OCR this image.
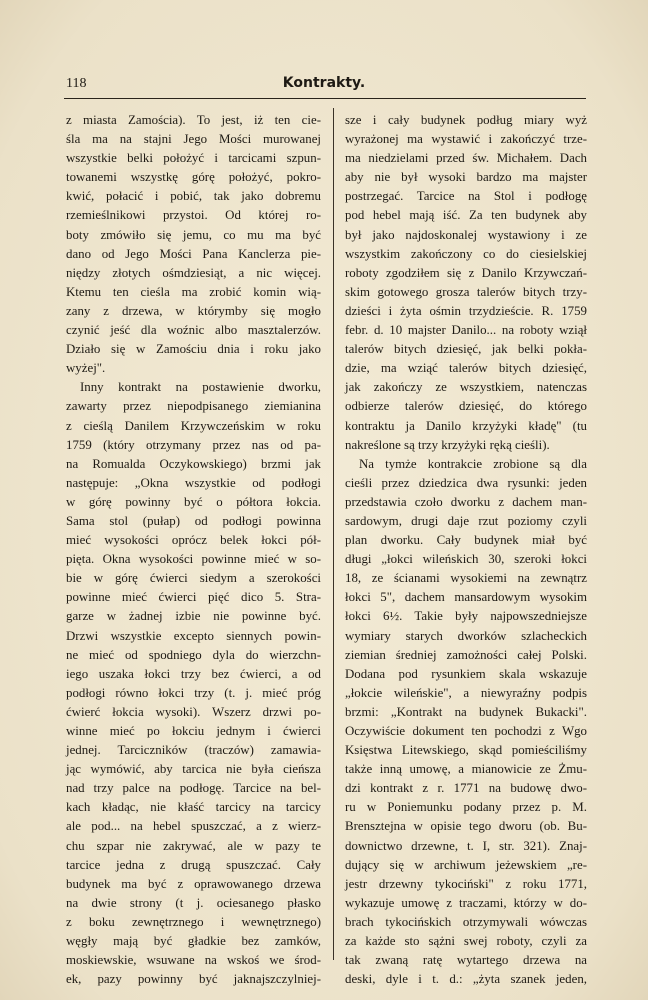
118	Kontrakty.

z miasta Zamościa). To jest, iż ten cie-

śla ma na stajni Jego Mości murowanej

wszystkie belki położyć i tarcicami szpun-

towanemi wszystkę górę położyć, pokro-

kwić, połacić i pobić, tak jako dobremu

rzemieślnikowi przystoi. Od której ro-

boty zmówiło się jemu, co mu ma być

dano od Jego Mości Pana Kanclerza pie-

niędzy złotych ośmdziesiąt, a nic więcej.

Ktemu ten cieśla ma zrobić komin wią-

zany z drzewa, w którymby się mogło

czynić jeść dla woźnic albo masztalerzów.

Działo się w Zamościu dnia i roku jako

wyżej".

Inny kontrakt na postawienie dworku,

zawarty przez niepodpisanego ziemianina

z cieślą Danilem Krzywczeńskim w roku

1759 (który otrzymany przez nas od pa-

na Romualda Oczykowskiego) brzmi jak

następuje: „Okna wszystkie od podłogi

w górę powinny być o półtora łokcia.

Sama stol (pułap) od podłogi powinna

mieć wysokości oprócz belek łokci pół-

pięta. Okna wysokości powinne mieć w so-

bie w górę ćwierci siedym a szerokości

powinne mieć ćwierci pięć dico 5. Stra-

garze w żadnej izbie nie powinne być.

Drzwi wszystkie excepto siennych powin-

ne mieć od spodniego dyla do wierzchn-

iego uszaka łokci trzy bez ćwierci, a od

podłogi równo łokci trzy (t. j. mieć próg

ćwierć łokcia wysoki). Wszerz drzwi po-

winne mieć po łokciu jednym i ćwierci

jednej. Tarciczników (traczów) zamawia-

jąc wymówić, aby tarcica nie była cieńsza

nad trzy palce na podłogę. Tarcice na bel-

kach kładąc, nie kłaść tarcicy na tarcicy

ale pod... na hebel spuszczać, a z wierz-

chu szpar nie zakrywać, ale w pazy te

tarcice jedna z drugą spuszczać. Cały

budynek ma być z oprawowanego drzewa

na dwie strony (t j. ociesanego płasko

z boku zewnętrznego i wewnętrznego)

węgły mają być gładkie bez zamków,

moskiewskie, wsuwane na wskoś we środ-

ek, pazy powinny być jaknajszczylniej-

sze i cały budynek podług miary wyż

wyrażonej ma wystawić i zakończyć trze-

ma niedzielami przed św. Michałem. Dach

aby nie był wysoki bardzo ma majster

postrzegać. Tarcice na Stol i podłogę

pod hebel mają iść. Za ten budynek aby

był jako najdoskonalej wystawiony i ze

wszystkim zakończony co do ciesielskiej

roboty zgodziłem się z Danilo Krzywczań-

skim gotowego grosza talerów bitych trzy-

dzieści i żyta ośmin trzydzieście. R. 1759

febr. d. 10 majster Danilo... na roboty wziął

talerów bitych dziesięć, jak belki pokła-

dzie, ma wziąć talerów bitych dziesięć,

jak zakończy ze wszystkiem, natenczas

odbierze talerów dziesięć, do którego

kontraktu ja Danilo krzyżyki kładę" (tu

nakreślone są trzy krzyżyki ręką cieśli).

Na tymże kontrakcie zrobione są dla

cieśli przez dziedzica dwa rysunki: jeden

przedstawia czoło dworku z dachem man-

sardowym, drugi daje rzut poziomy czyli

plan dworku. Cały budynek miał być

długi „łokci wileńskich 30, szeroki łokci

18, ze ścianami wysokiemi na zewnątrz

łokci 5", dachem mansardowym wysokim

łokci 6½. Takie były najpowszedniejsze

wymiary starych dworków szlacheckich

ziemian średniej zamożności całej Polski.

Dodana pod rysunkiem skala wskazuje

„łokcie wileńskie", a niewyraźny podpis

brzmi: „Kontrakt na budynek Bukacki".

Oczywiście dokument ten pochodzi z Wgo

Księstwa Litewskiego, skąd pomieściliśmy

także inną umowę, a mianowicie ze Żmu-

dzi kontrakt z r. 1771 na budowę dwo-

ru w Poniemunku podany przez p. M.

Brensztejna w opisie tego dworu (ob. Bu-

downictwo drzewne, t. I, str. 321). Znaj-

dujący się w archiwum jeżewskiem „re-

jestr drzewny tykociński" z roku 1771,

wykazuje umowę z traczami, którzy w do-

brach tykocińskich otrzymywali wówczas

za każde sto sążni swej roboty, czyli za

tak zwaną ratę wytartego drzewa na

deski, dyle i t. d.: „żyta szanek jeden,
